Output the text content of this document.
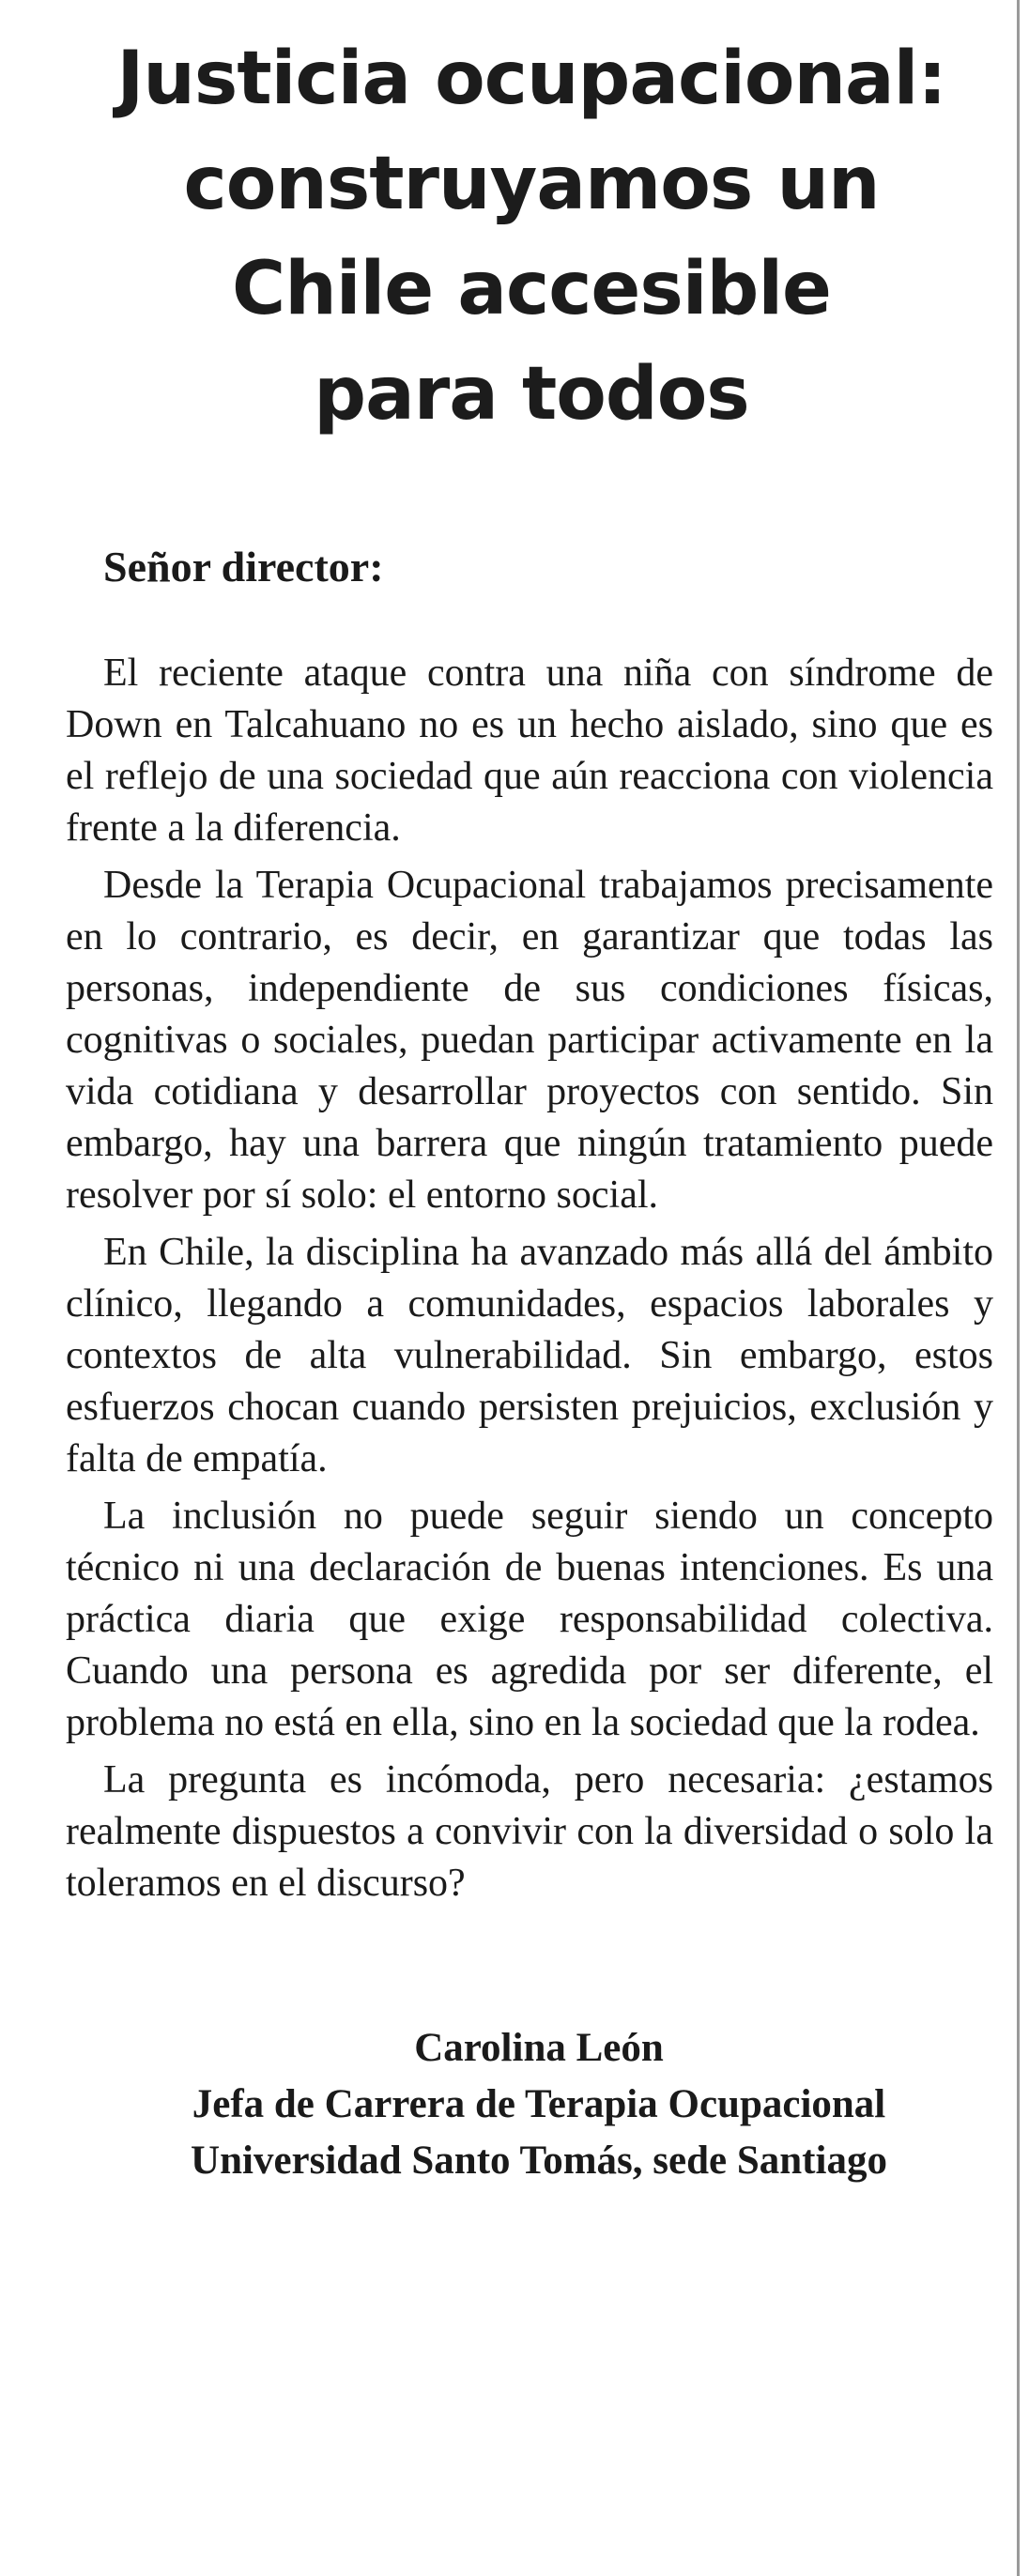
Justicia ocupacional:
construyamos un
Chile accesible
para todos
Señor director:

El reciente ataque contra una niña con síndrome de Down en Talcahuano no es un hecho aislado, sino que es el reflejo de una sociedad que aún reacciona con violencia frente a la diferencia.

Desde la Terapia Ocupacional trabajamos precisamente en lo contrario, es decir, en garantizar que todas las personas, independiente de sus condiciones físicas, cognitivas o sociales, puedan participar activamente en la vida cotidiana y desarrollar proyectos con sentido. Sin embargo, hay una barrera que ningún tratamiento puede resolver por sí solo: el entorno social.

En Chile, la disciplina ha avanzado más allá del ámbito clínico, llegando a comunidades, espacios laborales y contextos de alta vulnerabilidad. Sin embargo, estos esfuerzos chocan cuando persisten prejuicios, exclusión y falta de empatía.

La inclusión no puede seguir siendo un concepto técnico ni una declaración de buenas intenciones. Es una práctica diaria que exige responsabilidad colectiva. Cuando una persona es agredida por ser diferente, el problema no está en ella, sino en la sociedad que la rodea.

La pregunta es incómoda, pero necesaria: ¿estamos realmente dispuestos a convivir con la diversidad o solo la toleramos en el discurso?

Carolina León
Jefa de Carrera de Terapia Ocupacional
Universidad Santo Tomás, sede Santiago
